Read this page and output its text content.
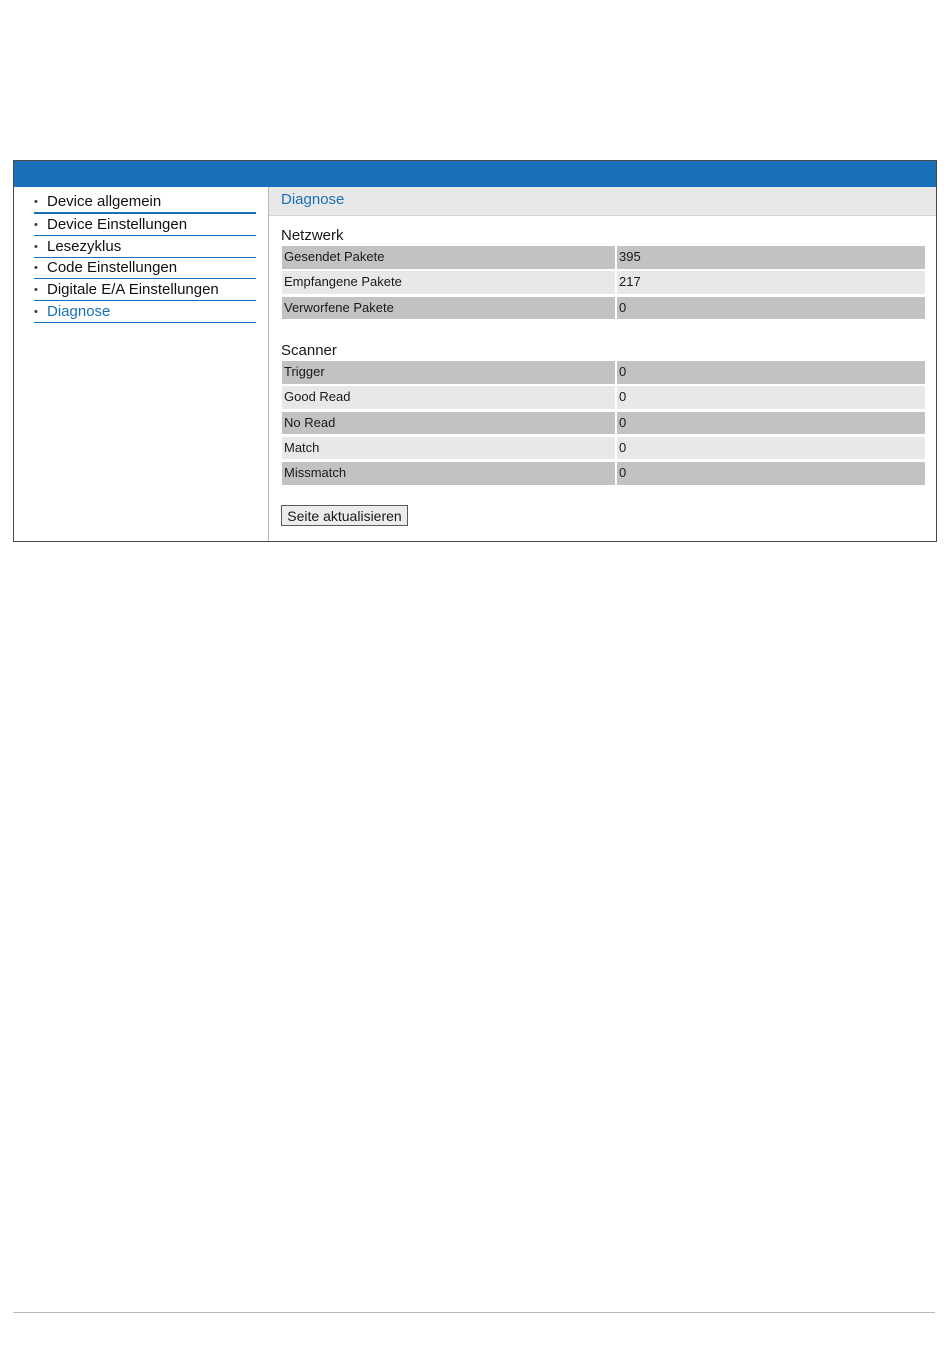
• Device allgemein
• Device Einstellungen
• Lesezyklus
• Code Einstellungen
• Digitale E/A Einstellungen
• Diagnose
Diagnose
Netzwerk
Gesendet Pakete	395
Empfangene Pakete	217
Verworfene Pakete	0
Scanner
Trigger	0
Good Read	0
No Read	0
Match	0
Missmatch	0
Seite aktualisieren
